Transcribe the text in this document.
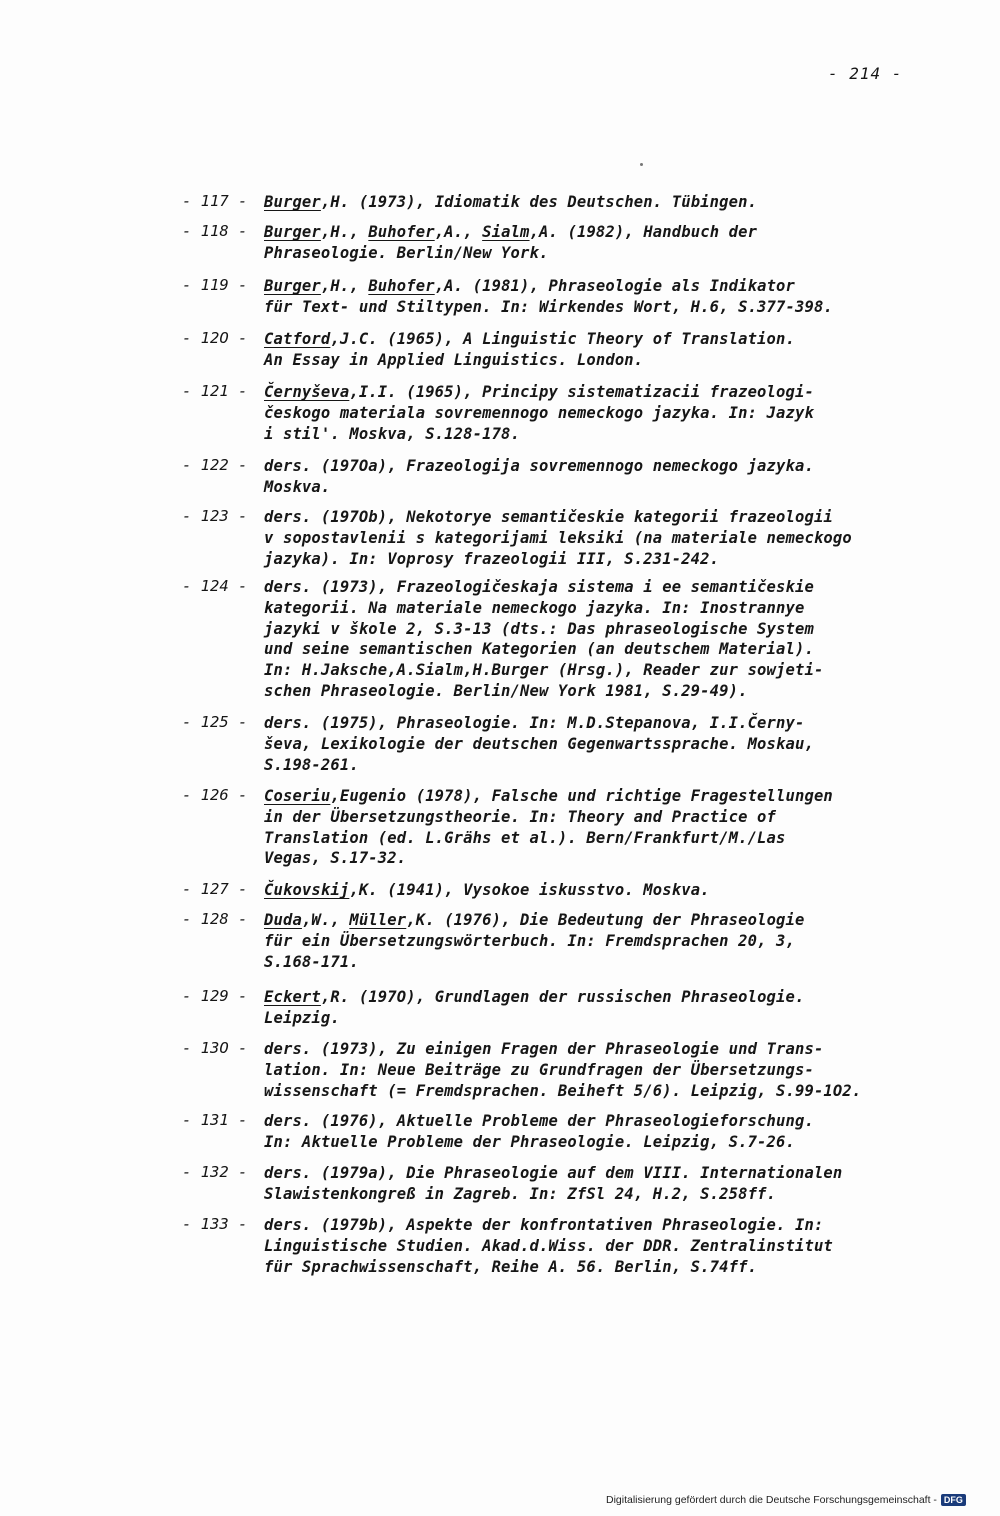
- 214 -
- 117 - Burger,H. (1973), Idiomatik des Deutschen. Tübingen.
- 118 - Burger,H., Buhofer,A., Sialm,A. (1982), Handbuch der
Phraseologie. Berlin/New York.
- 119 - Burger,H., Buhofer,A. (1981), Phraseologie als Indikator
für Text- und Stiltypen. In: Wirkendes Wort, H.6, S.377-398.
- 12O - Catford,J.C. (1965), A Linguistic Theory of Translation.
An Essay in Applied Linguistics. London.
- 121 - Černyševa,I.I. (1965), Principy sistematizacii frazeologi-
českogo materiala sovremennogo nemeckogo jazyka. In: Jazyk
i stil'. Moskva, S.128-178.
- 122 - ders. (197Oa), Frazeologija sovremennogo nemeckogo jazyka.
Moskva.
- 123 - ders. (197Ob), Nekotorye semantičeskie kategorii frazeologii
v sopostavlenii s kategorijami leksiki (na materiale nemeckogo
jazyka). In: Voprosy frazeologii III, S.231-242.
- 124 - ders. (1973), Frazeologičeskaja sistema i ee semantičeskie
kategorii. Na materiale nemeckogo jazyka. In: Inostrannye
jazyki v škole 2, S.3-13 (dts.: Das phraseologische System
und seine semantischen Kategorien (an deutschem Material).
In: H.Jaksche,A.Sialm,H.Burger (Hrsg.), Reader zur sowjeti-
schen Phraseologie. Berlin/New York 1981, S.29-49).
- 125 - ders. (1975), Phraseologie. In: M.D.Stepanova, I.I.Černy-
ševa, Lexikologie der deutschen Gegenwartssprache. Moskau,
S.198-261.
- 126 - Coseriu,Eugenio (1978), Falsche und richtige Fragestellungen
in der Übersetzungstheorie. In: Theory and Practice of
Translation (ed. L.Grähs et al.). Bern/Frankfurt/M./Las
Vegas, S.17-32.
- 127 - Čukovskij,K. (1941), Vysokoe iskusstvo. Moskva.
- 128 - Duda,W., Müller,K. (1976), Die Bedeutung der Phraseologie
für ein Übersetzungswörterbuch. In: Fremdsprachen 20, 3,
S.168-171.
- 129 - Eckert,R. (197O), Grundlagen der russischen Phraseologie.
Leipzig.
- 13O - ders. (1973), Zu einigen Fragen der Phraseologie und Trans-
lation. In: Neue Beiträge zu Grundfragen der Übersetzungs-
wissenschaft (= Fremdsprachen. Beiheft 5/6). Leipzig, S.99-1O2.
- 131 - ders. (1976), Aktuelle Probleme der Phraseologieforschung.
In: Aktuelle Probleme der Phraseologie. Leipzig, S.7-26.
- 132 - ders. (1979a), Die Phraseologie auf dem VIII. Internationalen
Slawistenkongreß in Zagreb. In: ZfSl 24, H.2, S.258ff.
- 133 - ders. (1979b), Aspekte der konfrontativen Phraseologie. In:
Linguistische Studien. Akad.d.Wiss. der DDR. Zentralinstitut
für Sprachwissenschaft, Reihe A. 56. Berlin, S.74ff.
Digitalisierung gefördert durch die Deutsche Forschungsgemeinschaft - DFG
